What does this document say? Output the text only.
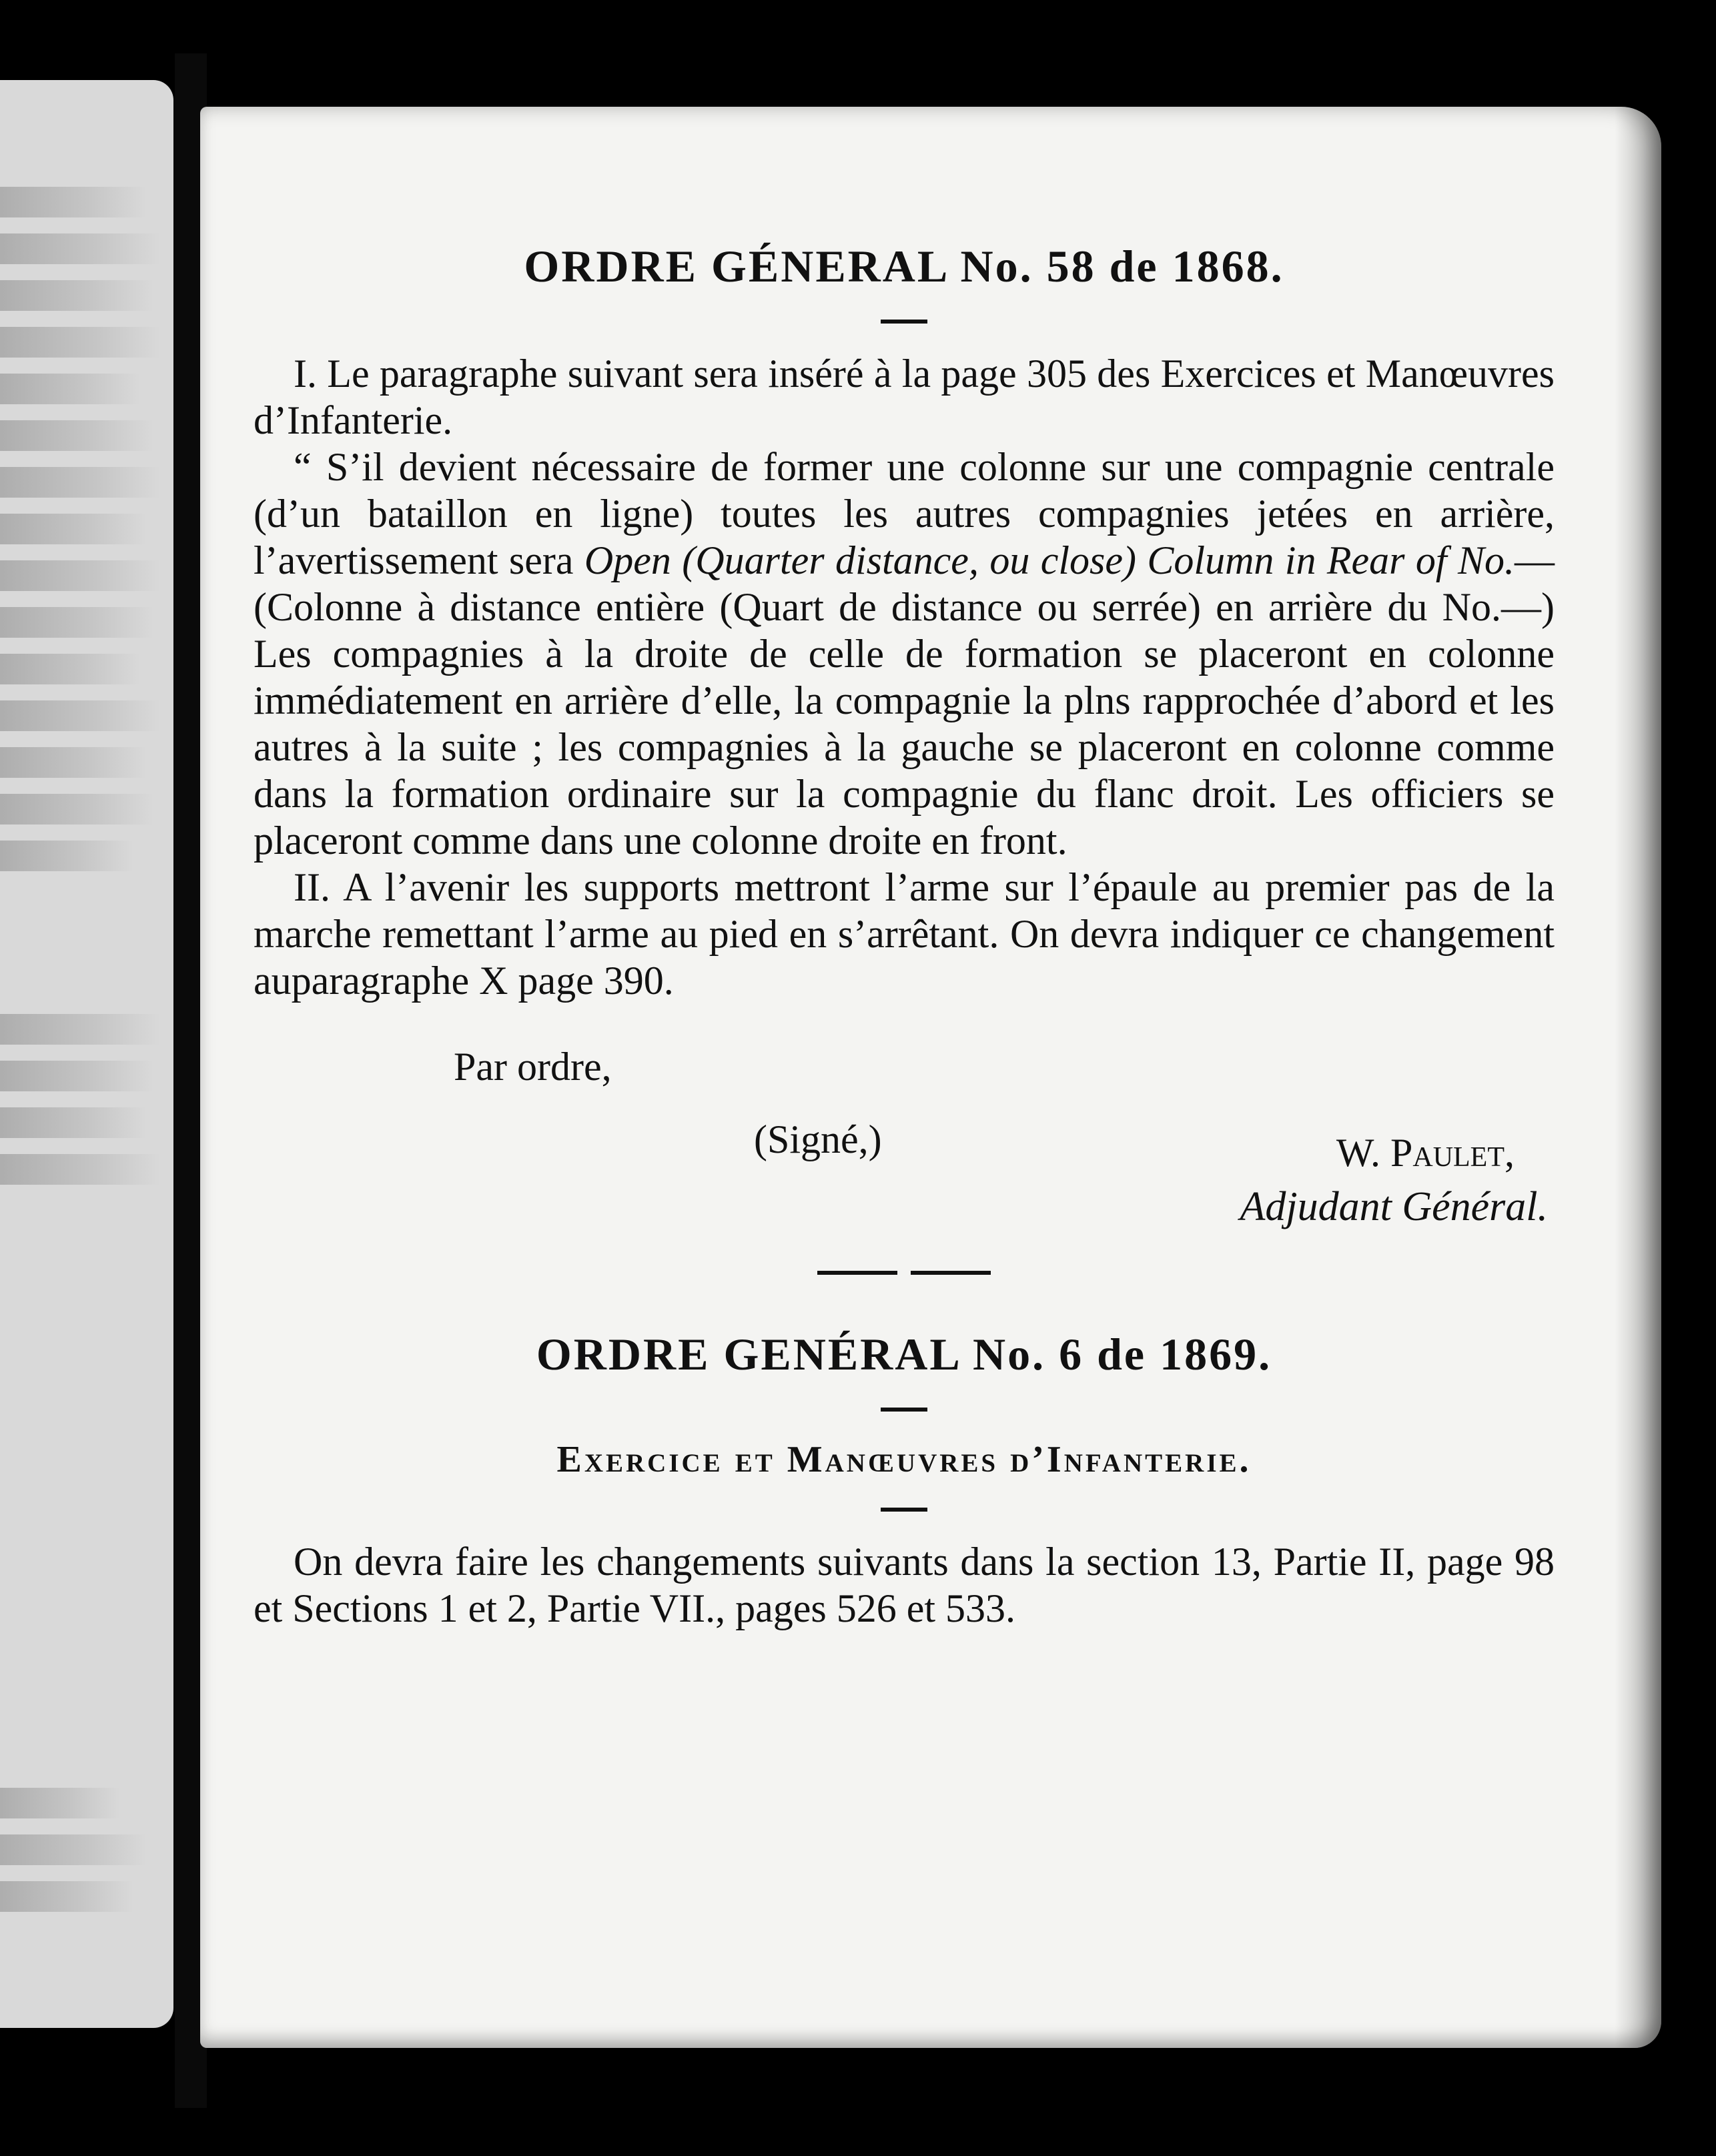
ORDRE GÉNERAL No. 58 de 1868.

I. Le paragraphe suivant sera inséré à la page 305 des Exercices et Manœuvres d’Infanterie.

“ S’il devient nécessaire de former une colonne sur une compagnie centrale (d’un bataillon en ligne) toutes les autres compagnies jetées en arrière, l’avertissement sera Open (Quarter distance, ou close) Column in Rear of No.—(Colonne à distance entière (Quart de distance ou serrée) en arrière du No.—) Les compagnies à la droite de celle de formation se placeront en colonne immédiatement en arrière d’elle, la compagnie la plns rapprochée d’abord et les autres à la suite ; les compagnies à la gauche se placeront en colonne comme dans la formation ordinaire sur la compagnie du flanc droit. Les officiers se placeront comme dans une colonne droite en front.

II. A l’avenir les supports mettront l’arme sur l’épaule au premier pas de la marche remettant l’arme au pied en s’arrêtant. On devra indiquer ce changement auparagraphe X page 390.

Par ordre,
(Signé,)	W. Paulet,
Adjudant Général.
ORDRE GENÉRAL No. 6 de 1869.
Exercice et Manœuvres d’Infanterie.

On devra faire les changements suivants dans la section 13, Partie II, page 98 et Sections 1 et 2, Partie VII., pages 526 et 533.
